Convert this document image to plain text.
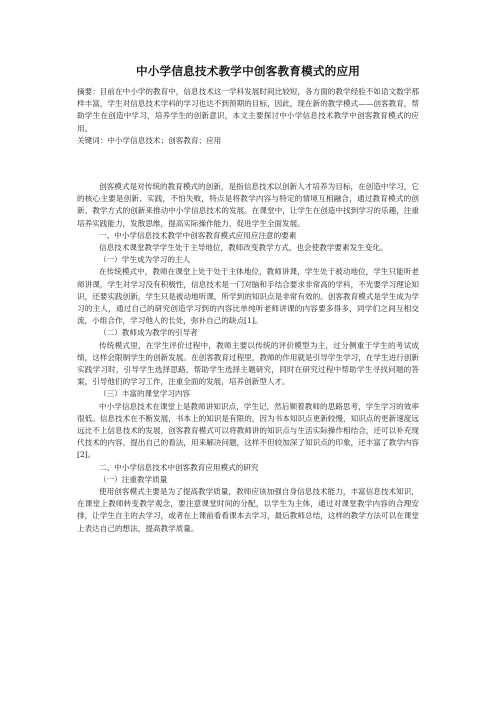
中小学信息技术教学中创客教育模式的应用

摘要：目前在中小学的教育中，信息技术这一学科发展时间比较短，各方面的教学经验不如语文数学那样丰富，学生对信息技术学科的学习也达不到预期的目标，因此，现在新的教学模式——创客教育，帮助学生在创造中学习，培养学生的创新意识，本文主要探讨中小学信息技术教学中创客教育模式的应用。

关键词：中小学信息技术；创客教育；应用

创客模式是对传统的教育模式的创新，是指信息技术以创新人才培养为目标，在创造中学习，它的核心主要是创新、实践，不怕失败，特点是将教学内容与特定的情境互相融合，通过教育模式的创新、教学方式的创新来推动中小学信息技术的发展。在课堂中，让学生在创造中找到学习的乐趣，注重培养实践能力，发散思维，提高实际操作能力，促进学生全面发展。

一、中小学信息技术教学中创客教育模式应用应注意的要素

信息技术课堂教学学生处于主导地位，教师改变教学方式，也会使教学要素发生变化。

（一）学生成为学习的主人

在传统模式中，教师在课堂上处于处于主体地位，教师讲课，学生处于被动地位，学生只能听老师讲课，学生对学习没有积极性，信息技术是一门对脑和手结合要求非常高的学科，不光要学习理论知识，还要实践创新，学生只是被动地听课，所学到的知识点是非常有效的。创客教育模式是学生成为学习的主人，通过自己的研究创造学习到的内容比单纯听老师讲课的内容要多得多，同学们之间互相交流，小组合作，学习他人的长处，弥补自己的缺点[1]。

（二）教师成为教学的引导者

传统模式里，在学生评价过程中，教师主要以传统的评价模型为主，过分侧重于学生的考试成绩，这样会限制学生的创新发展。在创客教育过程里，教师的作用就是引导学生学习，在学生进行创新实践学习时，引导学生选择思路，帮助学生选择主题研究，同时在研究过程中帮助学生寻找问题的答案，引导他们的学习工作，注重全面的发展，培养创新型人才。

（三）丰富的课堂学习内容

中小学信息技术在课堂上是教师讲知识点，学生记，然后顺着教师的思路思考，学生学习的效率很低。信息技术在不断发展，书本上的知识是有限的，因为书本知识点更新较慢，知识点的更新速度远远比不上信息技术的发展，创客教育模式可以将教师讲的知识点与生活实际操作相结合，还可以补充现代技术的内容，提出自己的看法，用来解决问题，这样不但较加深了知识点的印象，还丰富了教学内容[2]。

二、中小学信息技术中创客教育应用模式的研究

（一）注重教学质量

使用创客模式主要是为了提高教学质量，教师应该加强自身信息技术能力，丰富信息技术知识，在课堂上教师转变教学观念，要注意课堂时间的分配，以学生为主体，通过对课堂教学内容的合理安排，让学生自主的去学习，或者在上课前看看课本去学习，最后教师总结，这样的教学方法可以在课堂上表达自己的想法，提高教学质量。
